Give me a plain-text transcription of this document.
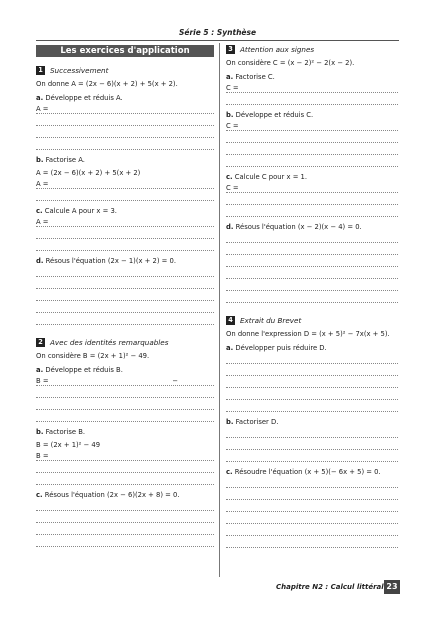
Série 5 : Synthèse
Les exercices d'application
1	Successivement
On donne A = (2x − 6)(x + 2) + 5(x + 2).
a. Développe et réduis A.
A =
b. Factorise A.
A = (2x − 6)(x + 2) + 5(x + 2)
A =
c. Calcule A pour x = 3.
A =
d. Résous l'équation (2x − 1)(x + 2) = 0.
2	Avec des identités remarquables
On considère B = (2x + 1)² − 49.
a. Développe et réduis B.
B =	−
b. Factorise B.
B = (2x + 1)² − 49
B =
c. Résous l'équation (2x − 6)(2x + 8) = 0.
3	Attention aux signes
On considère C = (x − 2)² − 2(x − 2).
a. Factorise C.
C =
b. Développe et réduis C.
C =
c. Calcule C pour x = 1.
C =
d. Résous l'équation (x − 2)(x − 4) = 0.
4	Extrait du Brevet
On donne l'expression D = (x + 5)² − 7x(x + 5).
a. Développer puis réduire D.
b. Factoriser D.
c. Résoudre l'équation (x + 5)(− 6x + 5) = 0.
Chapitre N2 : Calcul littéral 23
